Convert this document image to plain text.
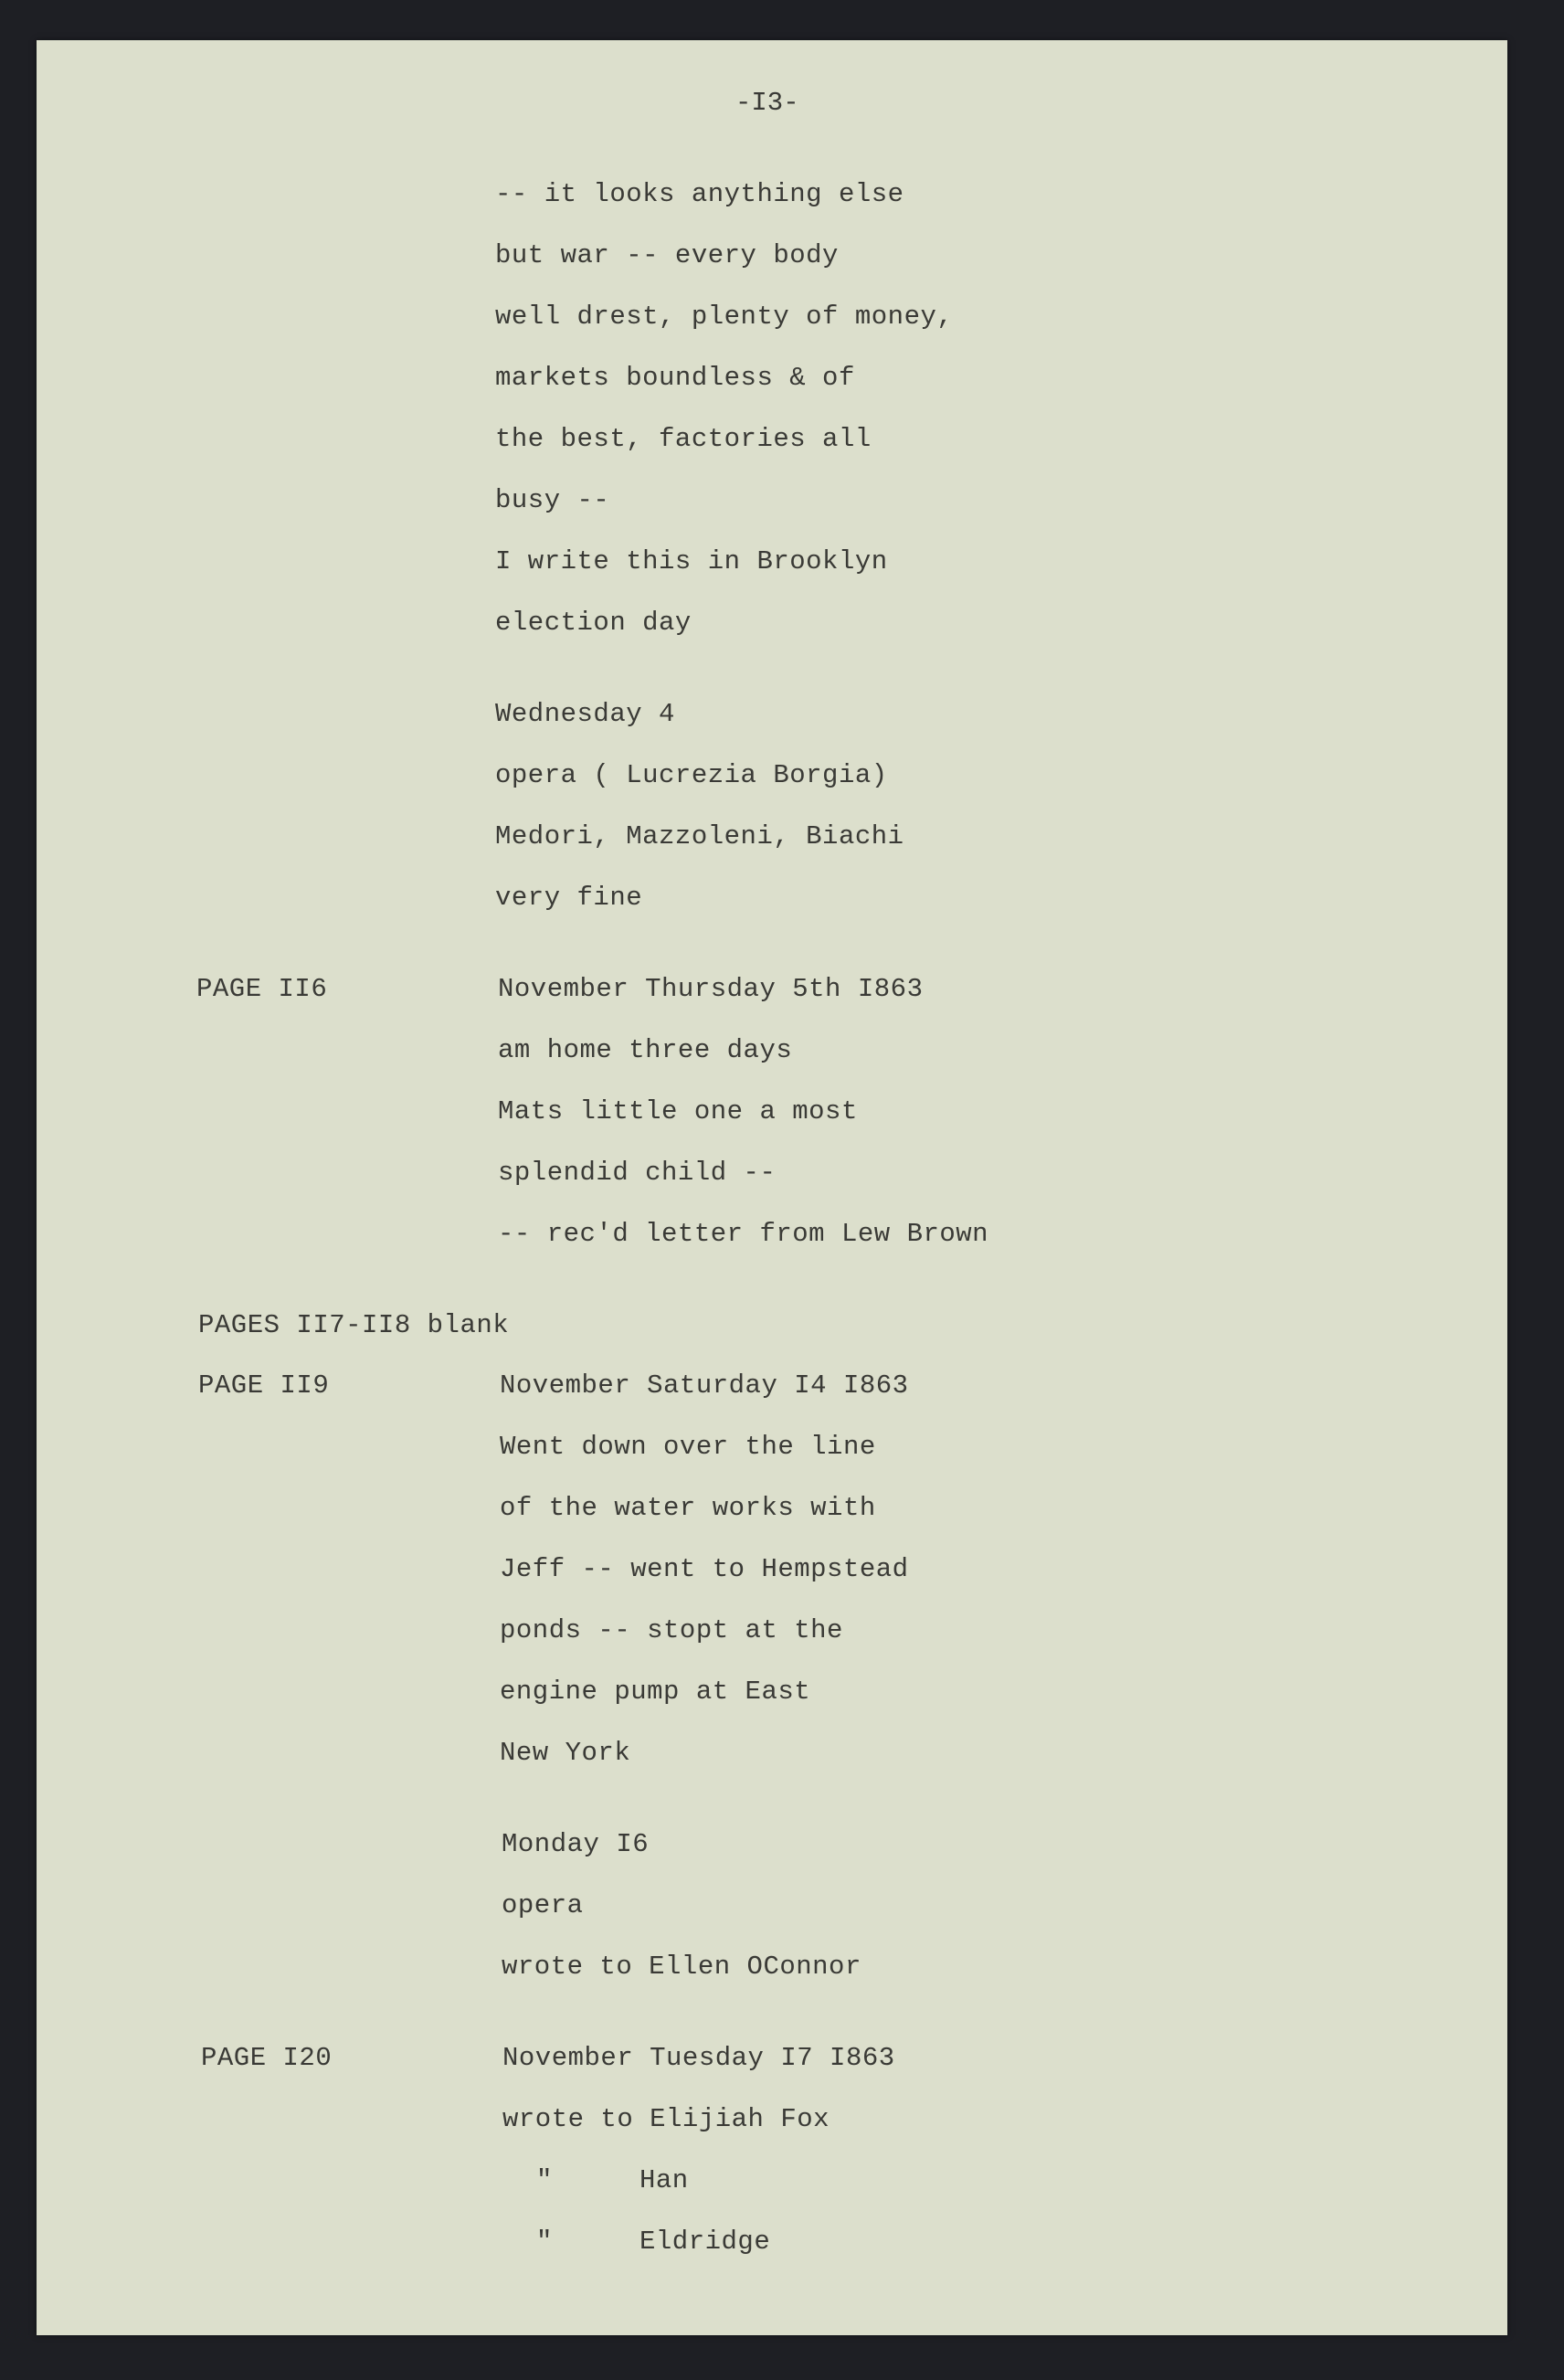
-I3-
-- it looks anything else
but war -- every body
well drest, plenty of money,
markets boundless & of
the best, factories all
busy --
I write this in Brooklyn
election day
Wednesday 4
opera ( Lucrezia Borgia)
Medori, Mazzoleni, Biachi
very fine
PAGE II6	November Thursday 5th I863
am home three days
Mats little one a most
splendid child --
-- rec'd letter from Lew Brown
PAGES II7-II8 blank
PAGE II9	November Saturday I4 I863
Went down over the line
of the water works with
Jeff -- went to Hempstead
ponds -- stopt at the
engine pump at East
New York
Monday I6
opera
wrote to Ellen OConnor
PAGE I20	November Tuesday I7 I863
wrote to Elijiah Fox
"	Han
"	Eldridge
